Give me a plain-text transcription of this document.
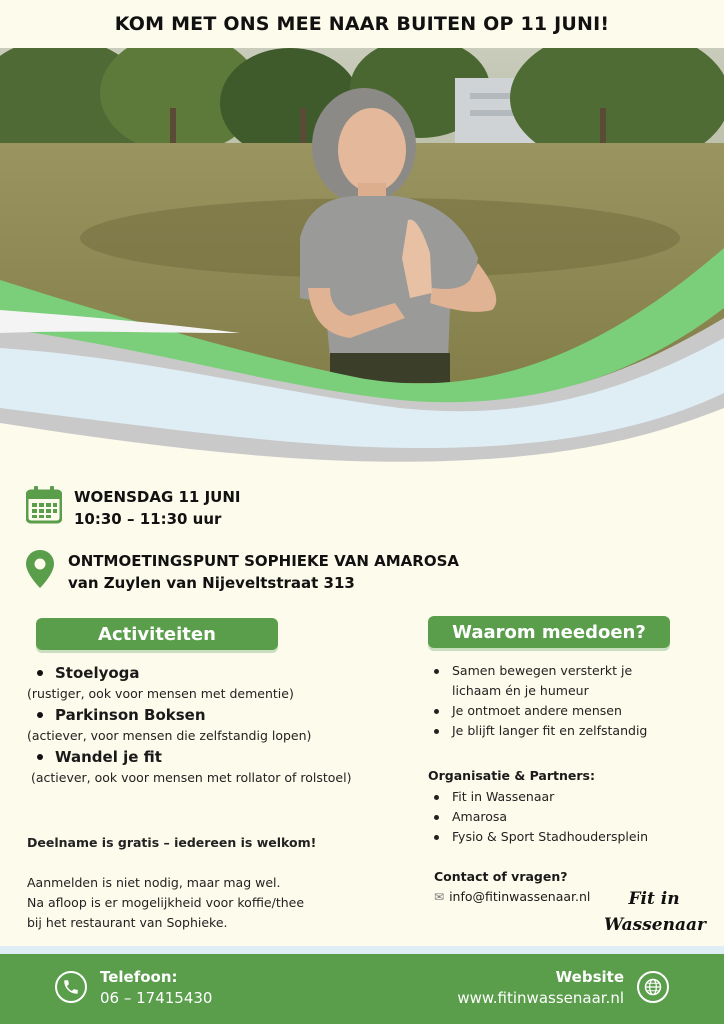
KOM MET ONS MEE NAAR BUITEN OP 11 JUNI!
WOENSDAG 11 JUNI
10:30 – 11:30 uur
ONTMOETINGSPUNT SOPHIEKE VAN AMAROSA
van Zuylen van Nijeveltstraat 313
Activiteiten
Stoelyoga
(rustiger, ook voor mensen met dementie)
Parkinson Boksen
(actiever, voor mensen die zelfstandig lopen)
Wandel je fit
(actiever, ook voor mensen met rollator of rolstoel)
Deelname is gratis – iedereen is welkom!
Aanmelden is niet nodig, maar mag wel.
Na afloop is er mogelijkheid voor koffie/thee
bij het restaurant van Sophieke.
Waarom meedoen?
Samen bewegen versterkt je lichaam én je humeur
Je ontmoet andere mensen
Je blijft langer fit en zelfstandig
Organisatie & Partners:
Fit in Wassenaar
Amarosa
Fysio & Sport Stadhoudersplein
Contact of vragen?
✉ info@fitinwassenaar.nl	Fit in
Wassenaar
Telefoon:
06 – 17415430
Website
www.fitinwassenaar.nl
